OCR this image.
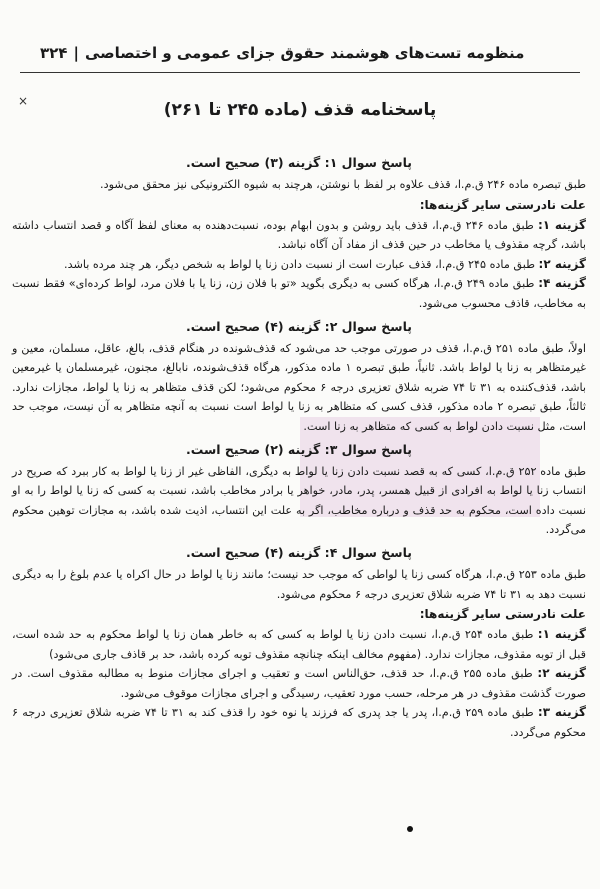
منظومه تست‌های هوشمند حقوق جزای عمومی و اختصاصی
|
۳۲۴
×	پاسخنامه قذف (ماده ۲۴۵ تا ۲۶۱)

پاسخ سوال ۱: گزینه (۳) صحیح است.

طبق تبصره ماده ۲۴۶ ق.م.ا، قذف علاوه بر لفظ با نوشتن، هرچند به شیوه الکترونیکی نیز محقق می‌شود.

علت نادرستی سایر گزینه‌ها:

گزینه ۱: طبق ماده ۲۴۶ ق.م.ا، قذف باید روشن و بدون ابهام بوده، نسبت‌دهنده به معنای لفظ آگاه و قصد انتساب داشته باشد، گرچه مقذوف یا مخاطب در حین قذف از مفاد آن آگاه نباشد.

گزینه ۲: طبق ماده ۲۴۵ ق.م.ا، قذف عبارت است از نسبت دادن زنا یا لواط به شخص دیگر، هر چند مرده باشد.

گزینه ۴: طبق ماده ۲۴۹ ق.م.ا، هرگاه کسی به دیگری بگوید «تو با فلان زن، زنا یا با فلان مرد، لواط کرده‌ای» فقط نسبت به مخاطب، قاذف محسوب می‌شود.

پاسخ سوال ۲: گزینه (۴) صحیح است.

اولاً، طبق ماده ۲۵۱ ق.م.ا، قذف در صورتی موجب حد می‌شود که قذف‌شونده در هنگام قذف، بالغ، عاقل، مسلمان، معین و غیرمتظاهر به زنا یا لواط باشد. ثانیاً، طبق تبصره ۱ ماده مذکور، هرگاه قذف‌شونده، نابالغ، مجنون، غیرمسلمان یا غیرمعین باشد، قذف‌کننده به ۳۱ تا ۷۴ ضربه شلاق تعزیری درجه ۶ محکوم می‌شود؛ لکن قذف متظاهر به زنا یا لواط، مجازات ندارد. ثالثاً، طبق تبصره ۲ ماده مذکور، قذف کسی که متظاهر به زنا یا لواط است نسبت به آنچه متظاهر به آن نیست، موجب حد است، مثل نسبت دادن لواط به کسی که متظاهر به زنا است.

پاسخ سوال ۳: گزینه (۲) صحیح است.

طبق ماده ۲۵۲ ق.م.ا، کسی که به قصد نسبت دادن زنا یا لواط به دیگری، الفاظی غیر از زنا یا لواط به کار ببرد که صریح در انتساب زنا یا لواط به افرادی از قبیل همسر، پدر، مادر، خواهر یا برادر مخاطب باشد، نسبت به کسی که زنا یا لواط را به او نسبت داده است، محکوم به حد قذف و درباره مخاطب، اگر به علت این انتساب، اذیت شده باشد، به مجازات توهین محکوم می‌گردد.

پاسخ سوال ۴: گزینه (۴) صحیح است.

طبق ماده ۲۵۳ ق.م.ا، هرگاه کسی زنا یا لواطی که موجب حد نیست؛ مانند زنا یا لواط در حال اکراه یا عدم بلوغ را به دیگری نسبت دهد به ۳۱ تا ۷۴ ضربه شلاق تعزیری درجه ۶ محکوم می‌شود.

علت نادرستی سایر گزینه‌ها:

گزینه ۱: طبق ماده ۲۵۴ ق.م.ا، نسبت دادن زنا یا لواط به کسی که به خاطر همان زنا یا لواط محکوم به حد شده است، قبل از توبه مقذوف، مجازات ندارد. (مفهوم مخالف اینکه چنانچه مقذوف توبه کرده باشد، حد بر قاذف جاری می‌شود)

گزینه ۲: طبق ماده ۲۵۵ ق.م.ا، حد قذف، حق‌الناس است و تعقیب و اجرای مجازات منوط به مطالبه مقذوف است. در صورت گذشت مقذوف در هر مرحله، حسب مورد تعقیب، رسیدگی و اجرای مجازات موقوف می‌شود.

گزینه ۳: طبق ماده ۲۵۹ ق.م.ا، پدر یا جد پدری که فرزند یا نوه خود را قذف کند به ۳۱ تا ۷۴ ضربه شلاق تعزیری درجه ۶ محکوم می‌گردد.
